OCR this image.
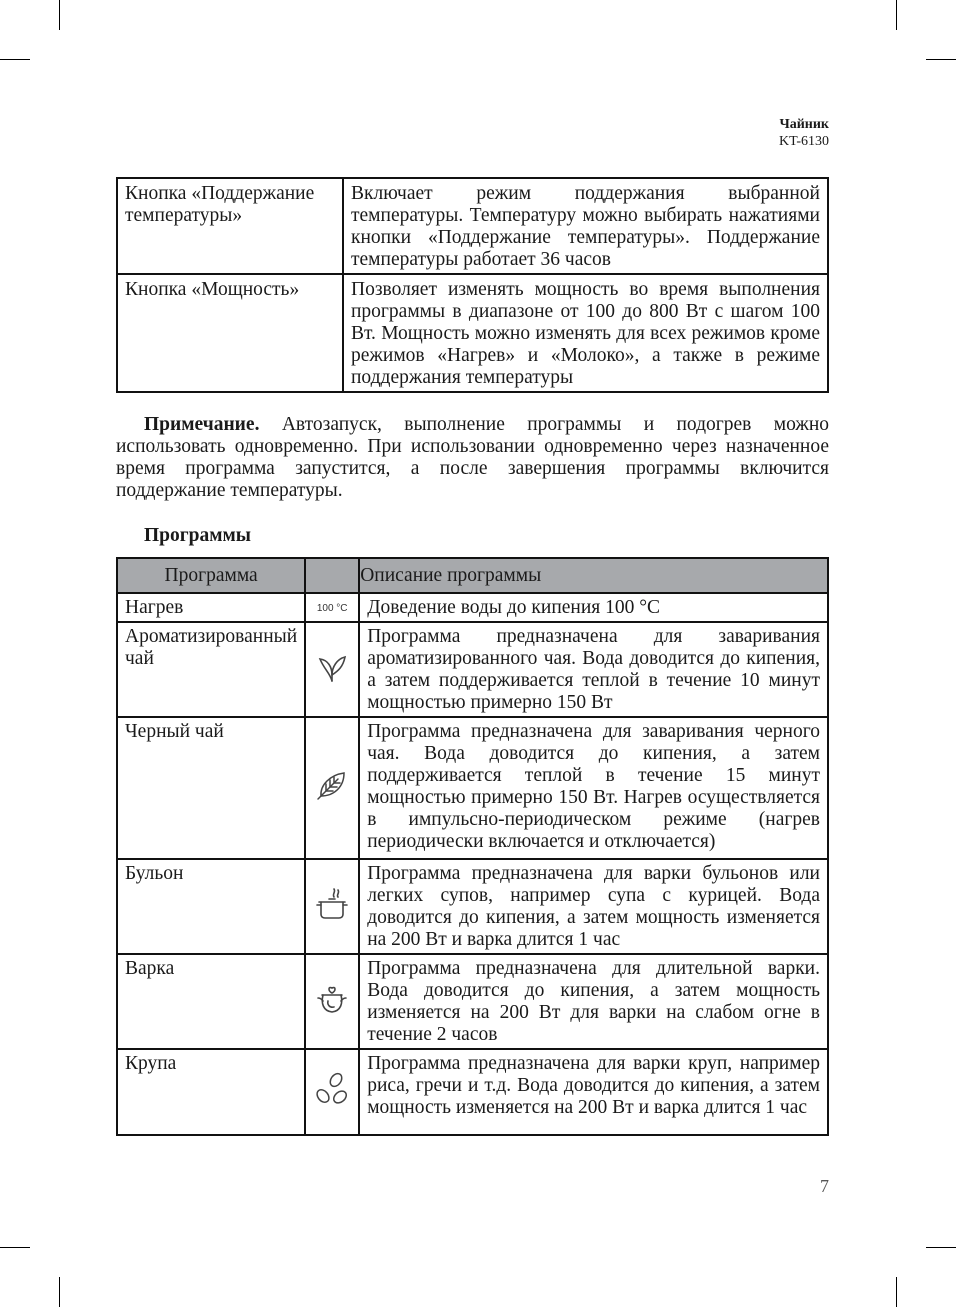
Чайник
KT-6130
Кнопка «Поддержание температуры»	Включает режим поддержания выбранной температуры. Температуру можно выбирать нажатиями кнопки «Поддержание температуры». Поддержание температуры работает 36 часов
Кнопка «Мощность»	Позволяет изменять мощность во время выполнения программы в диапазоне от 100 до 800 Вт с шагом 100 Вт. Мощность можно изменять для всех режимов кроме режимов «Нагрев» и «Молоко», а также в режиме поддержания температуры

Примечание. Автозапуск, выполнение программы и подогрев можно использовать одновременно. При использовании одновременно через назначенное время программа запустится, а после завершения программы включится поддержание температуры.

Программы
Программа		Описание программы
Нагрев	100 °C	Доведение воды до кипения 100 °C
Ароматизированный чай		Программа предназначена для заваривания ароматизированного чая. Вода доводится до кипения, а затем поддерживается теплой в течение 10 минут мощностью примерно 150 Вт
Черный чай		Программа предназначена для заваривания черного чая. Вода доводится до кипения, а затем поддерживается теплой в течение 15 минут мощностью примерно 150 Вт. Нагрев осуществляется в импульсно-периодическом режиме (нагрев периодически включается и отключается)
Бульон		Программа предназначена для варки бульонов или легких супов, например супа с курицей. Вода доводится до кипения, а затем мощность изменяется на 200 Вт и варка длится 1 час
Варка		Программа предназначена для длительной варки. Вода доводится до кипения, а затем мощность изменяется на 200 Вт для варки на слабом огне в течение 2 часов
Крупа		Программа предназначена для варки круп, например риса, гречи и т.д. Вода доводится до кипения, а затем мощность изменяется на 200 Вт и варка длится 1 час
7
